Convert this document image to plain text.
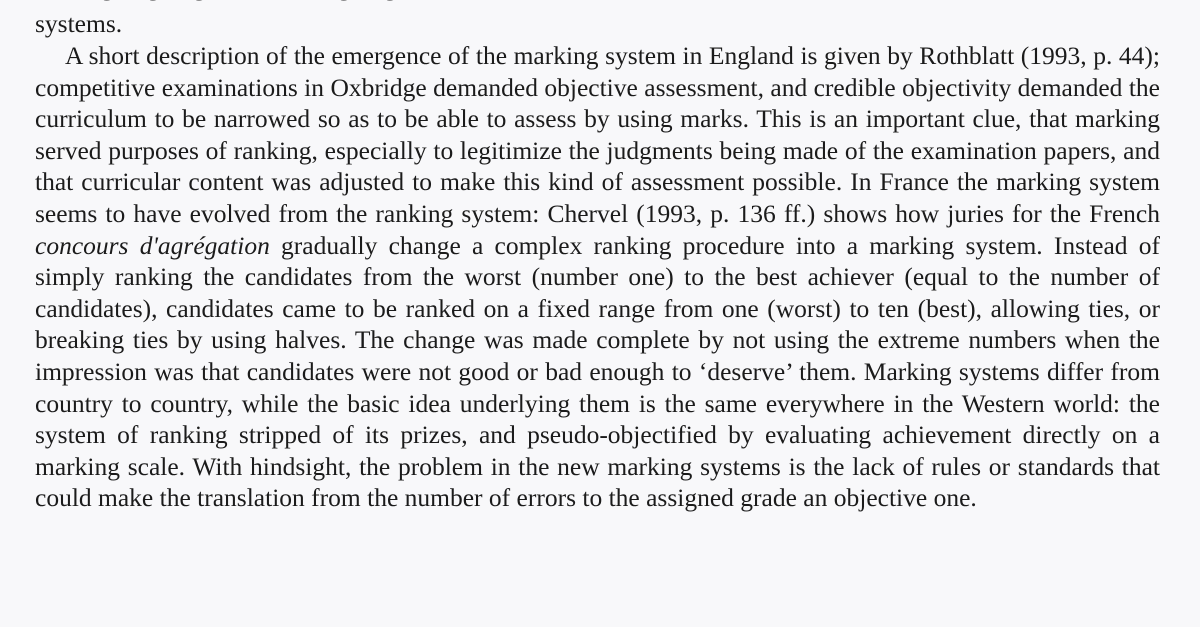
systems.

A short description of the emergence of the marking system in England is given by Rothblatt (1993, p. 44); competitive examinations in Oxbridge demanded objective assessment, and credible objectivity demanded the curriculum to be narrowed so as to be able to assess by using marks. This is an important clue, that marking served purposes of ranking, especially to legitimize the judgments being made of the examination papers, and that curricular content was adjusted to make this kind of assessment possible. In France the marking system seems to have evolved from the ranking system: Chervel (1993, p. 136 ff.) shows how juries for the French concours d'agrégation gradually change a complex ranking procedure into a marking system. Instead of simply ranking the candidates from the worst (number one) to the best achiever (equal to the number of candidates), candidates came to be ranked on a fixed range from one (worst) to ten (best), allowing ties, or breaking ties by using halves. The change was made complete by not using the extreme numbers when the impression was that candidates were not good or bad enough to ‘deserve’ them. Marking systems differ from country to country, while the basic idea underlying them is the same everywhere in the Western world: the system of ranking stripped of its prizes, and pseudo-objectified by evaluating achievement directly on a marking scale. With hindsight, the problem in the new marking systems is the lack of rules or standards that could make the translation from the number of errors to the assigned grade an objective one.
